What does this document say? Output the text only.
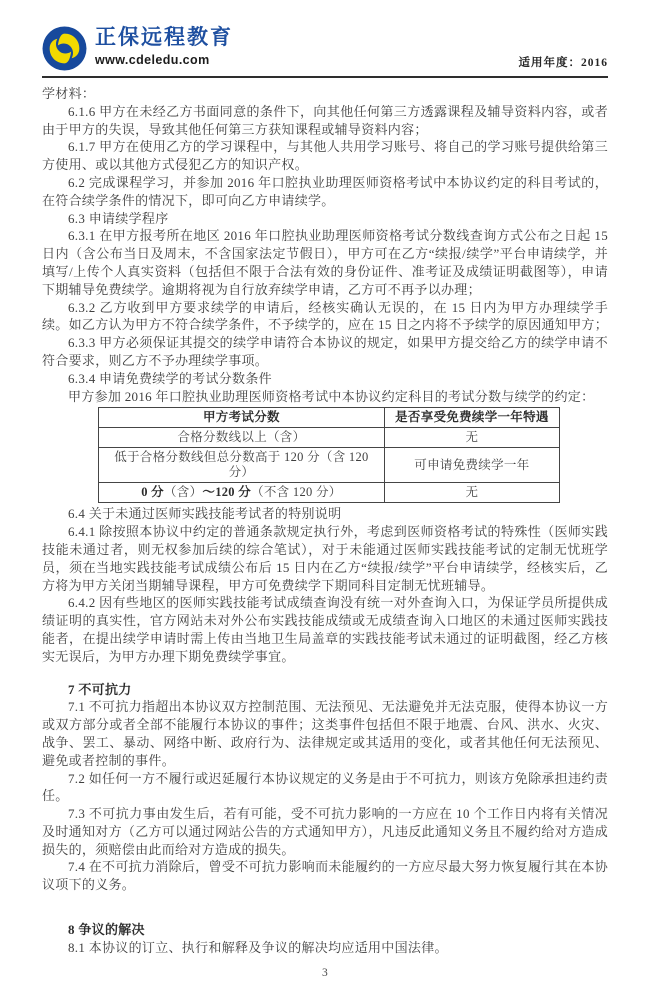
正保远程教育
www.cdeledu.com	适用年度：2016

学材料：

6.1.6 甲方在未经乙方书面同意的条件下，向其他任何第三方透露课程及辅导资料内容，或者由于甲方的失误，导致其他任何第三方获知课程或辅导资料内容；

6.1.7 甲方在使用乙方的学习课程中，与其他人共用学习账号、将自己的学习账号提供给第三方使用、或以其他方式侵犯乙方的知识产权。

6.2 完成课程学习，并参加 2016 年口腔执业助理医师资格考试中本协议约定的科目考试的，在符合续学条件的情况下，即可向乙方申请续学。

6.3 申请续学程序

6.3.1 在甲方报考所在地区 2016 年口腔执业助理医师资格考试分数线查询方式公布之日起 15 日内（含公布当日及周末，不含国家法定节假日），甲方可在乙方“续报/续学”平台申请续学，并填写/上传个人真实资料（包括但不限于合法有效的身份证件、准考证及成绩证明截图等），申请下期辅导免费续学。逾期将视为自行放弃续学申请，乙方可不再予以办理；

6.3.2 乙方收到甲方要求续学的申请后，经核实确认无误的，在 15 日内为甲方办理续学手续。如乙方认为甲方不符合续学条件，不予续学的，应在 15 日之内将不予续学的原因通知甲方；

6.3.3 甲方必须保证其提交的续学申请符合本协议的规定，如果甲方提交给乙方的续学申请不符合要求，则乙方不予办理续学事项。

6.3.4 申请免费续学的考试分数条件

甲方参加 2016 年口腔执业助理医师资格考试中本协议约定科目的考试分数与续学的约定：

甲方考试分数	是否享受免费续学一年特遇
合格分数线以上（含）	无
低于合格分数线但总分数高于 120 分（含 120 分）	可申请免费续学一年
0 分（含）～120 分（不含 120 分）	无

6.4 关于未通过医师实践技能考试者的特别说明

6.4.1 除按照本协议中约定的普通条款规定执行外，考虑到医师资格考试的特殊性（医师实践技能未通过者，则无权参加后续的综合笔试），对于未能通过医师实践技能考试的定制无忧班学员，须在当地实践技能考试成绩公布后 15 日内在乙方“续报/续学”平台申请续学，经核实后，乙方将为甲方关闭当期辅导课程，甲方可免费续学下期同科目定制无忧班辅导。

6.4.2 因有些地区的医师实践技能考试成绩查询没有统一对外查询入口，为保证学员所提供成绩证明的真实性，官方网站未对外公布实践技能成绩或无成绩查询入口地区的未通过医师实践技能者，在提出续学申请时需上传由当地卫生局盖章的实践技能考试未通过的证明截图，经乙方核实无误后，为甲方办理下期免费续学事宜。

7 不可抗力

7.1 不可抗力指超出本协议双方控制范围、无法预见、无法避免并无法克服，使得本协议一方或双方部分或者全部不能履行本协议的事件；这类事件包括但不限于地震、台风、洪水、火灾、战争、罢工、暴动、网络中断、政府行为、法律规定或其适用的变化，或者其他任何无法预见、避免或者控制的事件。

7.2 如任何一方不履行或迟延履行本协议规定的义务是由于不可抗力，则该方免除承担违约责任。

7.3 不可抗力事由发生后，若有可能，受不可抗力影响的一方应在 10 个工作日内将有关情况及时通知对方（乙方可以通过网站公告的方式通知甲方），凡违反此通知义务且不履约给对方造成损失的，须赔偿由此而给对方造成的损失。

7.4 在不可抗力消除后，曾受不可抗力影响而未能履约的一方应尽最大努力恢复履行其在本协议项下的义务。

8 争议的解决

8.1 本协议的订立、执行和解释及争议的解决均应适用中国法律。

3
